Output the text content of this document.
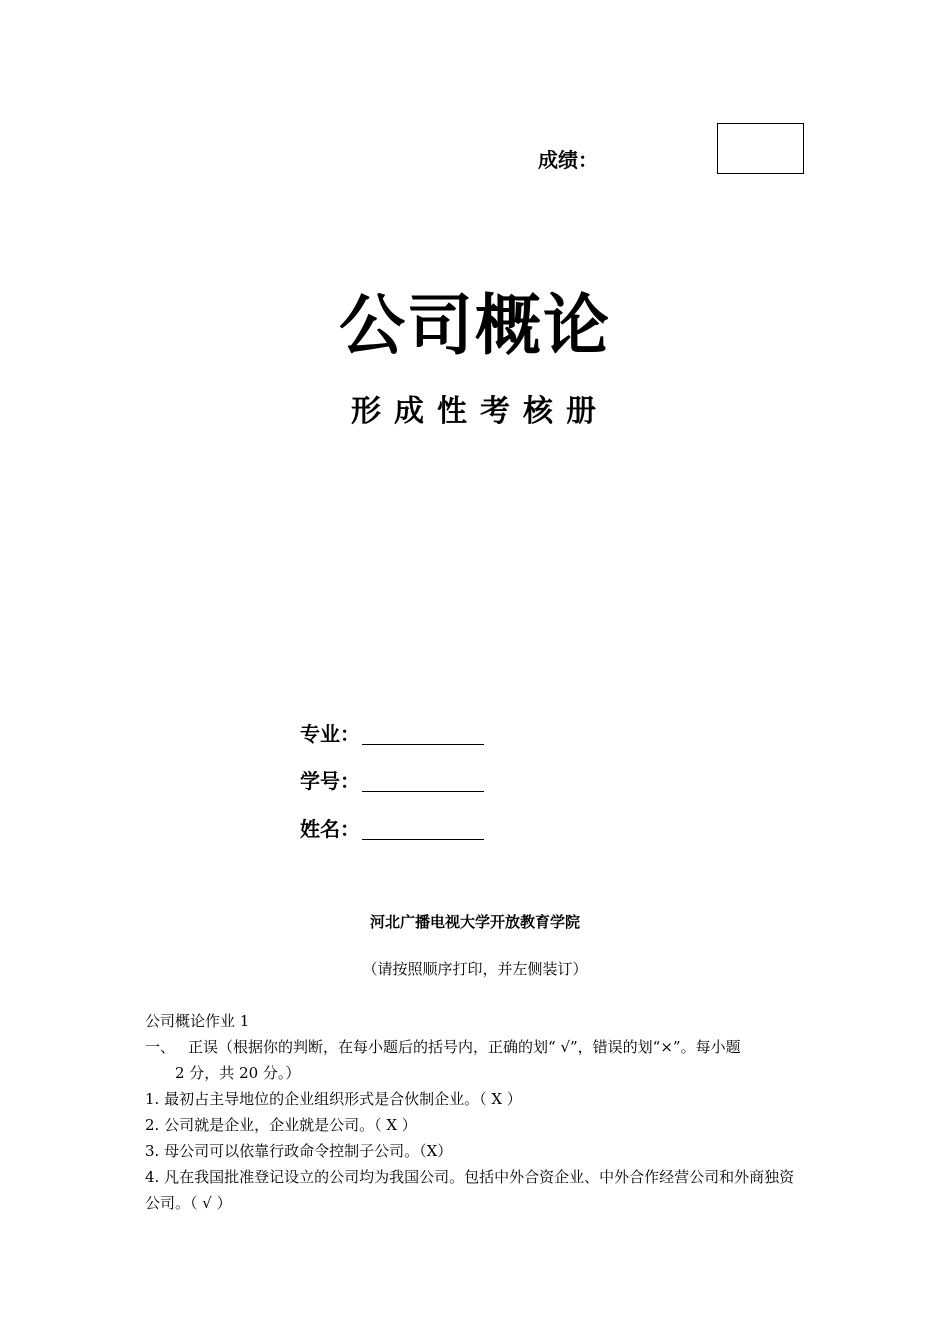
成绩：
公司概论
形成性考核册
专业：
学号：
姓名：
河北广播电视大学开放教育学院
（请按照顺序打印，并左侧装订）

公司概论作业 1

一、 正误（根据你的判断，在每小题后的括号内，正确的划“ √”，错误的划“×”。每小题

2 分，共 20 分。）

1. 最初占主导地位的企业组织形式是合伙制企业。（ X ）

2. 公司就是企业，企业就是公司。（ X ）

3. 母公司可以依靠行政命令控制子公司。（X）

4. 凡在我国批准登记设立的公司均为我国公司。包括中外合资企业、中外合作经营公司和外商独资公司。（ √ ）
